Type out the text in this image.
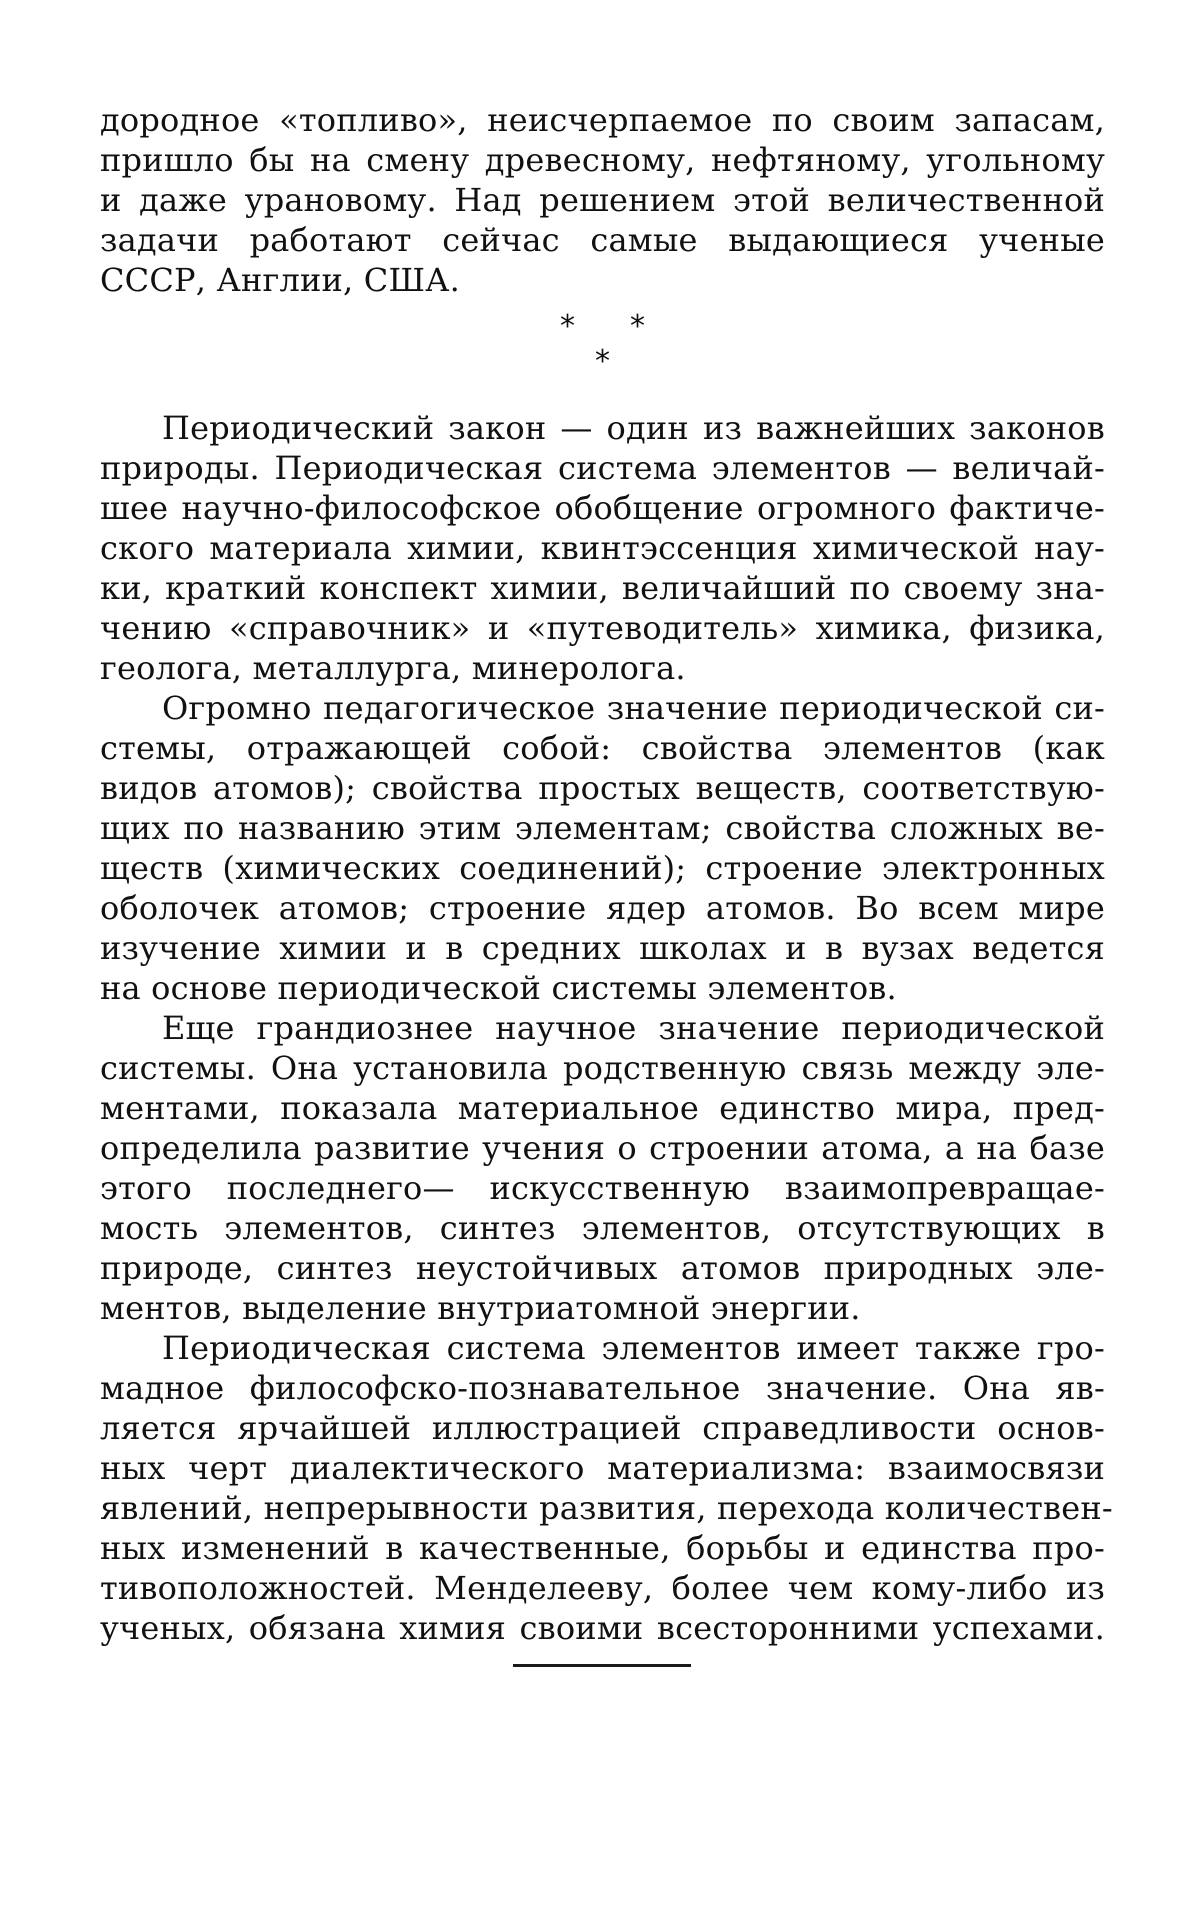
дородное «топливо», неисчерпаемое по своим запасам,
пришло бы на смену древесному, нефтяному, угольному
и даже урановому. Над решением этой величественной
задачи работают сейчас самые выдающиеся ученые
СССР, Англии, США.
* *
*
Периодический закон — один из важнейших законов
природы. Периодическая система элементов — величай-
шее научно-философское обобщение огромного фактиче-
ского материала химии, квинтэссенция химической нау-
ки, краткий конспект химии, величайший по своему зна-
чению «справочник» и «путеводитель» химика, физика,
геолога, металлурга, минеролога.
Огромно педагогическое значение периодической си-
стемы, отражающей собой: свойства элементов (как
видов атомов); свойства простых веществ, соответствую-
щих по названию этим элементам; свойства сложных ве-
ществ (химических соединений); строение электронных
оболочек атомов; строение ядер атомов. Во всем мире
изучение химии и в средних школах и в вузах ведется
на основе периодической системы элементов.
Еще грандиознее научное значение периодической
системы. Она установила родственную связь между эле-
ментами, показала материальное единство мира, пред-
определила развитие учения о строении атома, а на базе
этого последнего— искусственную взаимопревращае-
мость элементов, синтез элементов, отсутствующих в
природе, синтез неустойчивых атомов природных эле-
ментов, выделение внутриатомной энергии.
Периодическая система элементов имеет также гро-
мадное философско-познавательное значение. Она яв-
ляется ярчайшей иллюстрацией справедливости основ-
ных черт диалектического материализма: взаимосвязи
явлений, непрерывности развития, перехода количествен-
ных изменений в качественные, борьбы и единства про-
тивоположностей. Менделееву, более чем кому-либо из
ученых, обязана химия своими всесторонними успехами.
